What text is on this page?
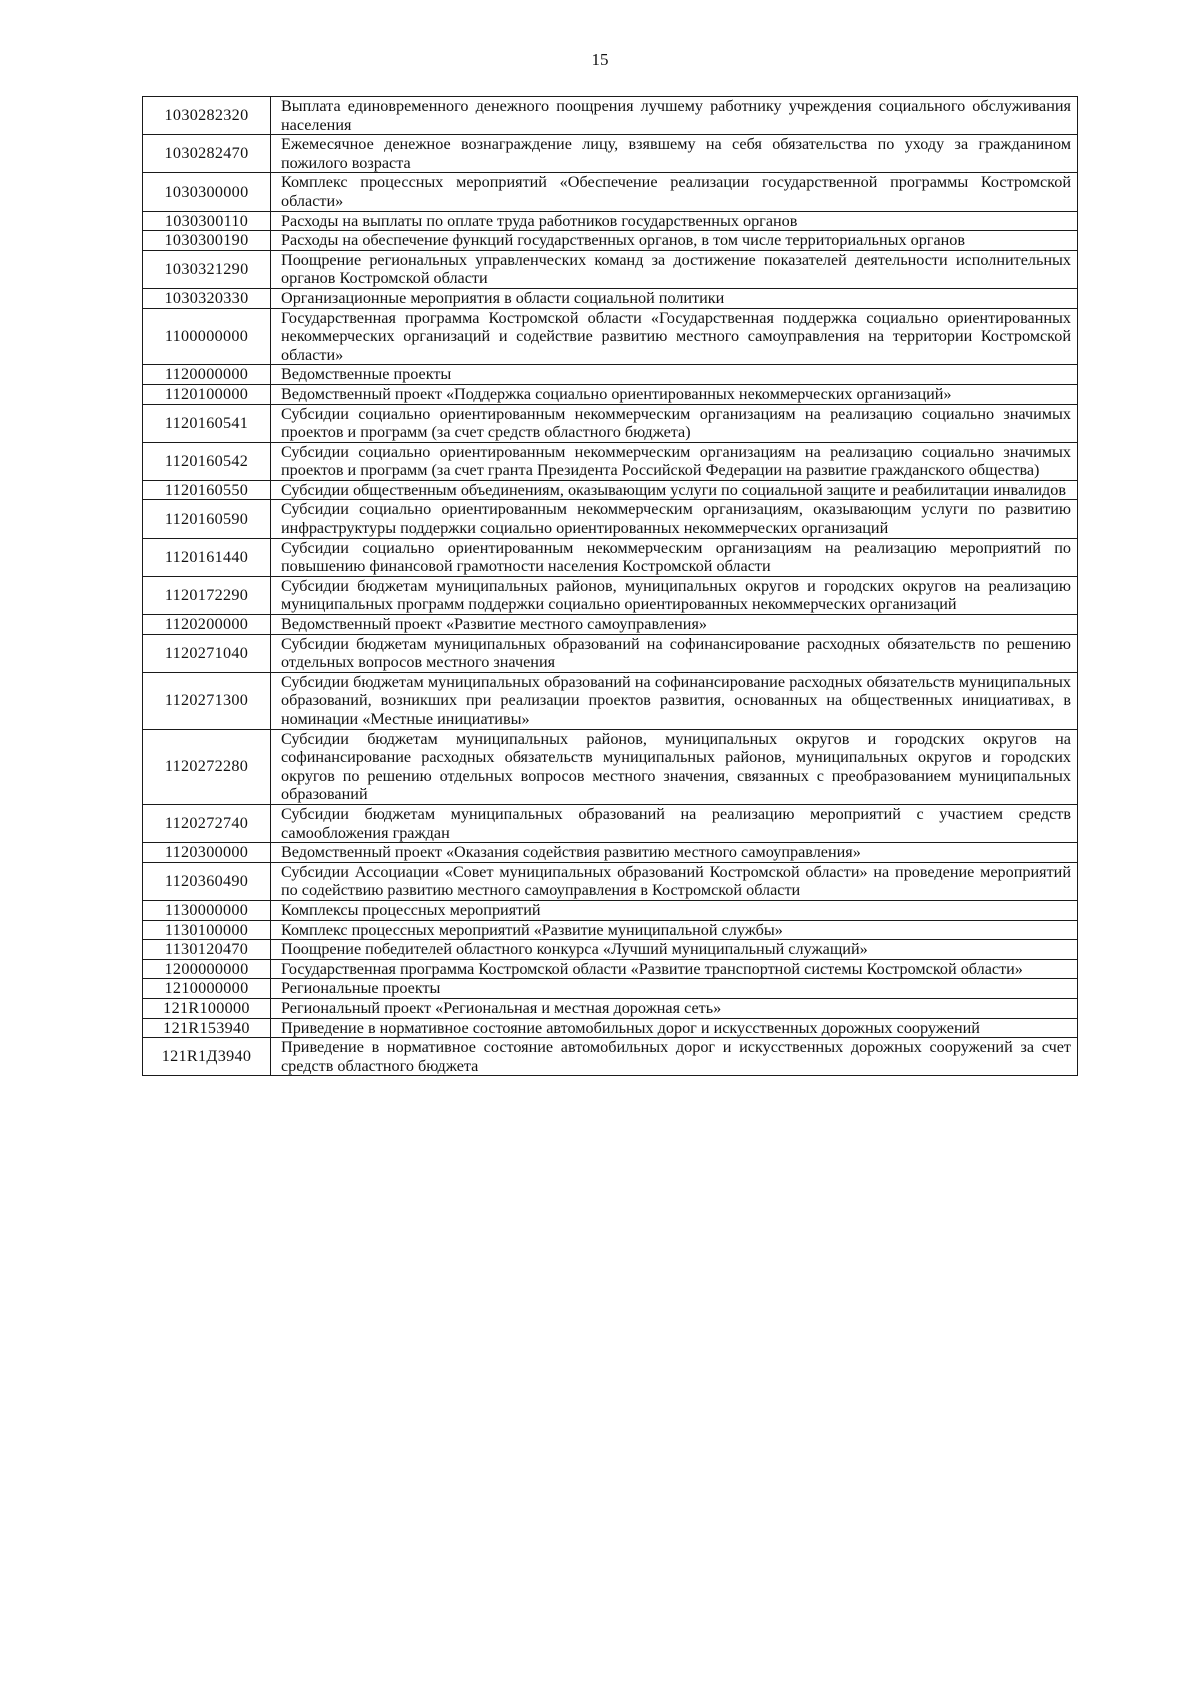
15
1030282320	Выплата единовременного денежного поощрения лучшему работнику учреждения социального обслуживания населения
1030282470	Ежемесячное денежное вознаграждение лицу, взявшему на себя обязательства по уходу за гражданином пожилого возраста
1030300000	Комплекс процессных мероприятий «Обеспечение реализации государственной программы Костромской области»
1030300110	Расходы на выплаты по оплате труда работников государственных органов
1030300190	Расходы на обеспечение функций государственных органов, в том числе территориальных органов
1030321290	Поощрение региональных управленческих команд за достижение показателей деятельности исполнительных органов Костромской области
1030320330	Организационные мероприятия в области социальной политики
1100000000	Государственная программа Костромской области «Государственная поддержка социально ориентированных некоммерческих организаций и содействие развитию местного самоуправления на территории Костромской области»
1120000000	Ведомственные проекты
1120100000	Ведомственный проект «Поддержка социально ориентированных некоммерческих организаций»
1120160541	Субсидии социально ориентированным некоммерческим организациям на реализацию социально значимых проектов и программ (за счет средств областного бюджета)
1120160542	Субсидии социально ориентированным некоммерческим организациям на реализацию социально значимых проектов и программ (за счет гранта Президента Российской Федерации на развитие гражданского общества)
1120160550	Субсидии общественным объединениям, оказывающим услуги по социальной защите и реабилитации инвалидов
1120160590	Субсидии социально ориентированным некоммерческим организациям, оказывающим услуги по развитию инфраструктуры поддержки социально ориентированных некоммерческих организаций
1120161440	Субсидии социально ориентированным некоммерческим организациям на реализацию мероприятий по повышению финансовой грамотности населения Костромской области
1120172290	Субсидии бюджетам муниципальных районов, муниципальных округов и городских округов на реализацию муниципальных программ поддержки социально ориентированных некоммерческих организаций
1120200000	Ведомственный проект «Развитие местного самоуправления»
1120271040	Субсидии бюджетам муниципальных образований на софинансирование расходных обязательств по решению отдельных вопросов местного значения
1120271300	Субсидии бюджетам муниципальных образований на софинансирование расходных обязательств муниципальных образований, возникших при реализации проектов развития, основанных на общественных инициативах, в номинации «Местные инициативы»
1120272280	Субсидии бюджетам муниципальных районов, муниципальных округов и городских округов на софинансирование расходных обязательств муниципальных районов, муниципальных округов и городских округов по решению отдельных вопросов местного значения, связанных с преобразованием муниципальных образований
1120272740	Субсидии бюджетам муниципальных образований на реализацию мероприятий с участием средств самообложения граждан
1120300000	Ведомственный проект «Оказания содействия развитию местного самоуправления»
1120360490	Субсидии Ассоциации «Совет муниципальных образований Костромской области» на проведение мероприятий по содействию развитию местного самоуправления в Костромской области
1130000000	Комплексы процессных мероприятий
1130100000	Комплекс процессных мероприятий «Развитие муниципальной службы»
1130120470	Поощрение победителей областного конкурса «Лучший муниципальный служащий»
1200000000	Государственная программа Костромской области «Развитие транспортной системы Костромской области»
1210000000	Региональные проекты
121R100000	Региональный проект «Региональная и местная дорожная сеть»
121R153940	Приведение в нормативное состояние автомобильных дорог и искусственных дорожных сооружений
121R1Д3940	Приведение в нормативное состояние автомобильных дорог и искусственных дорожных сооружений за счет средств областного бюджета
